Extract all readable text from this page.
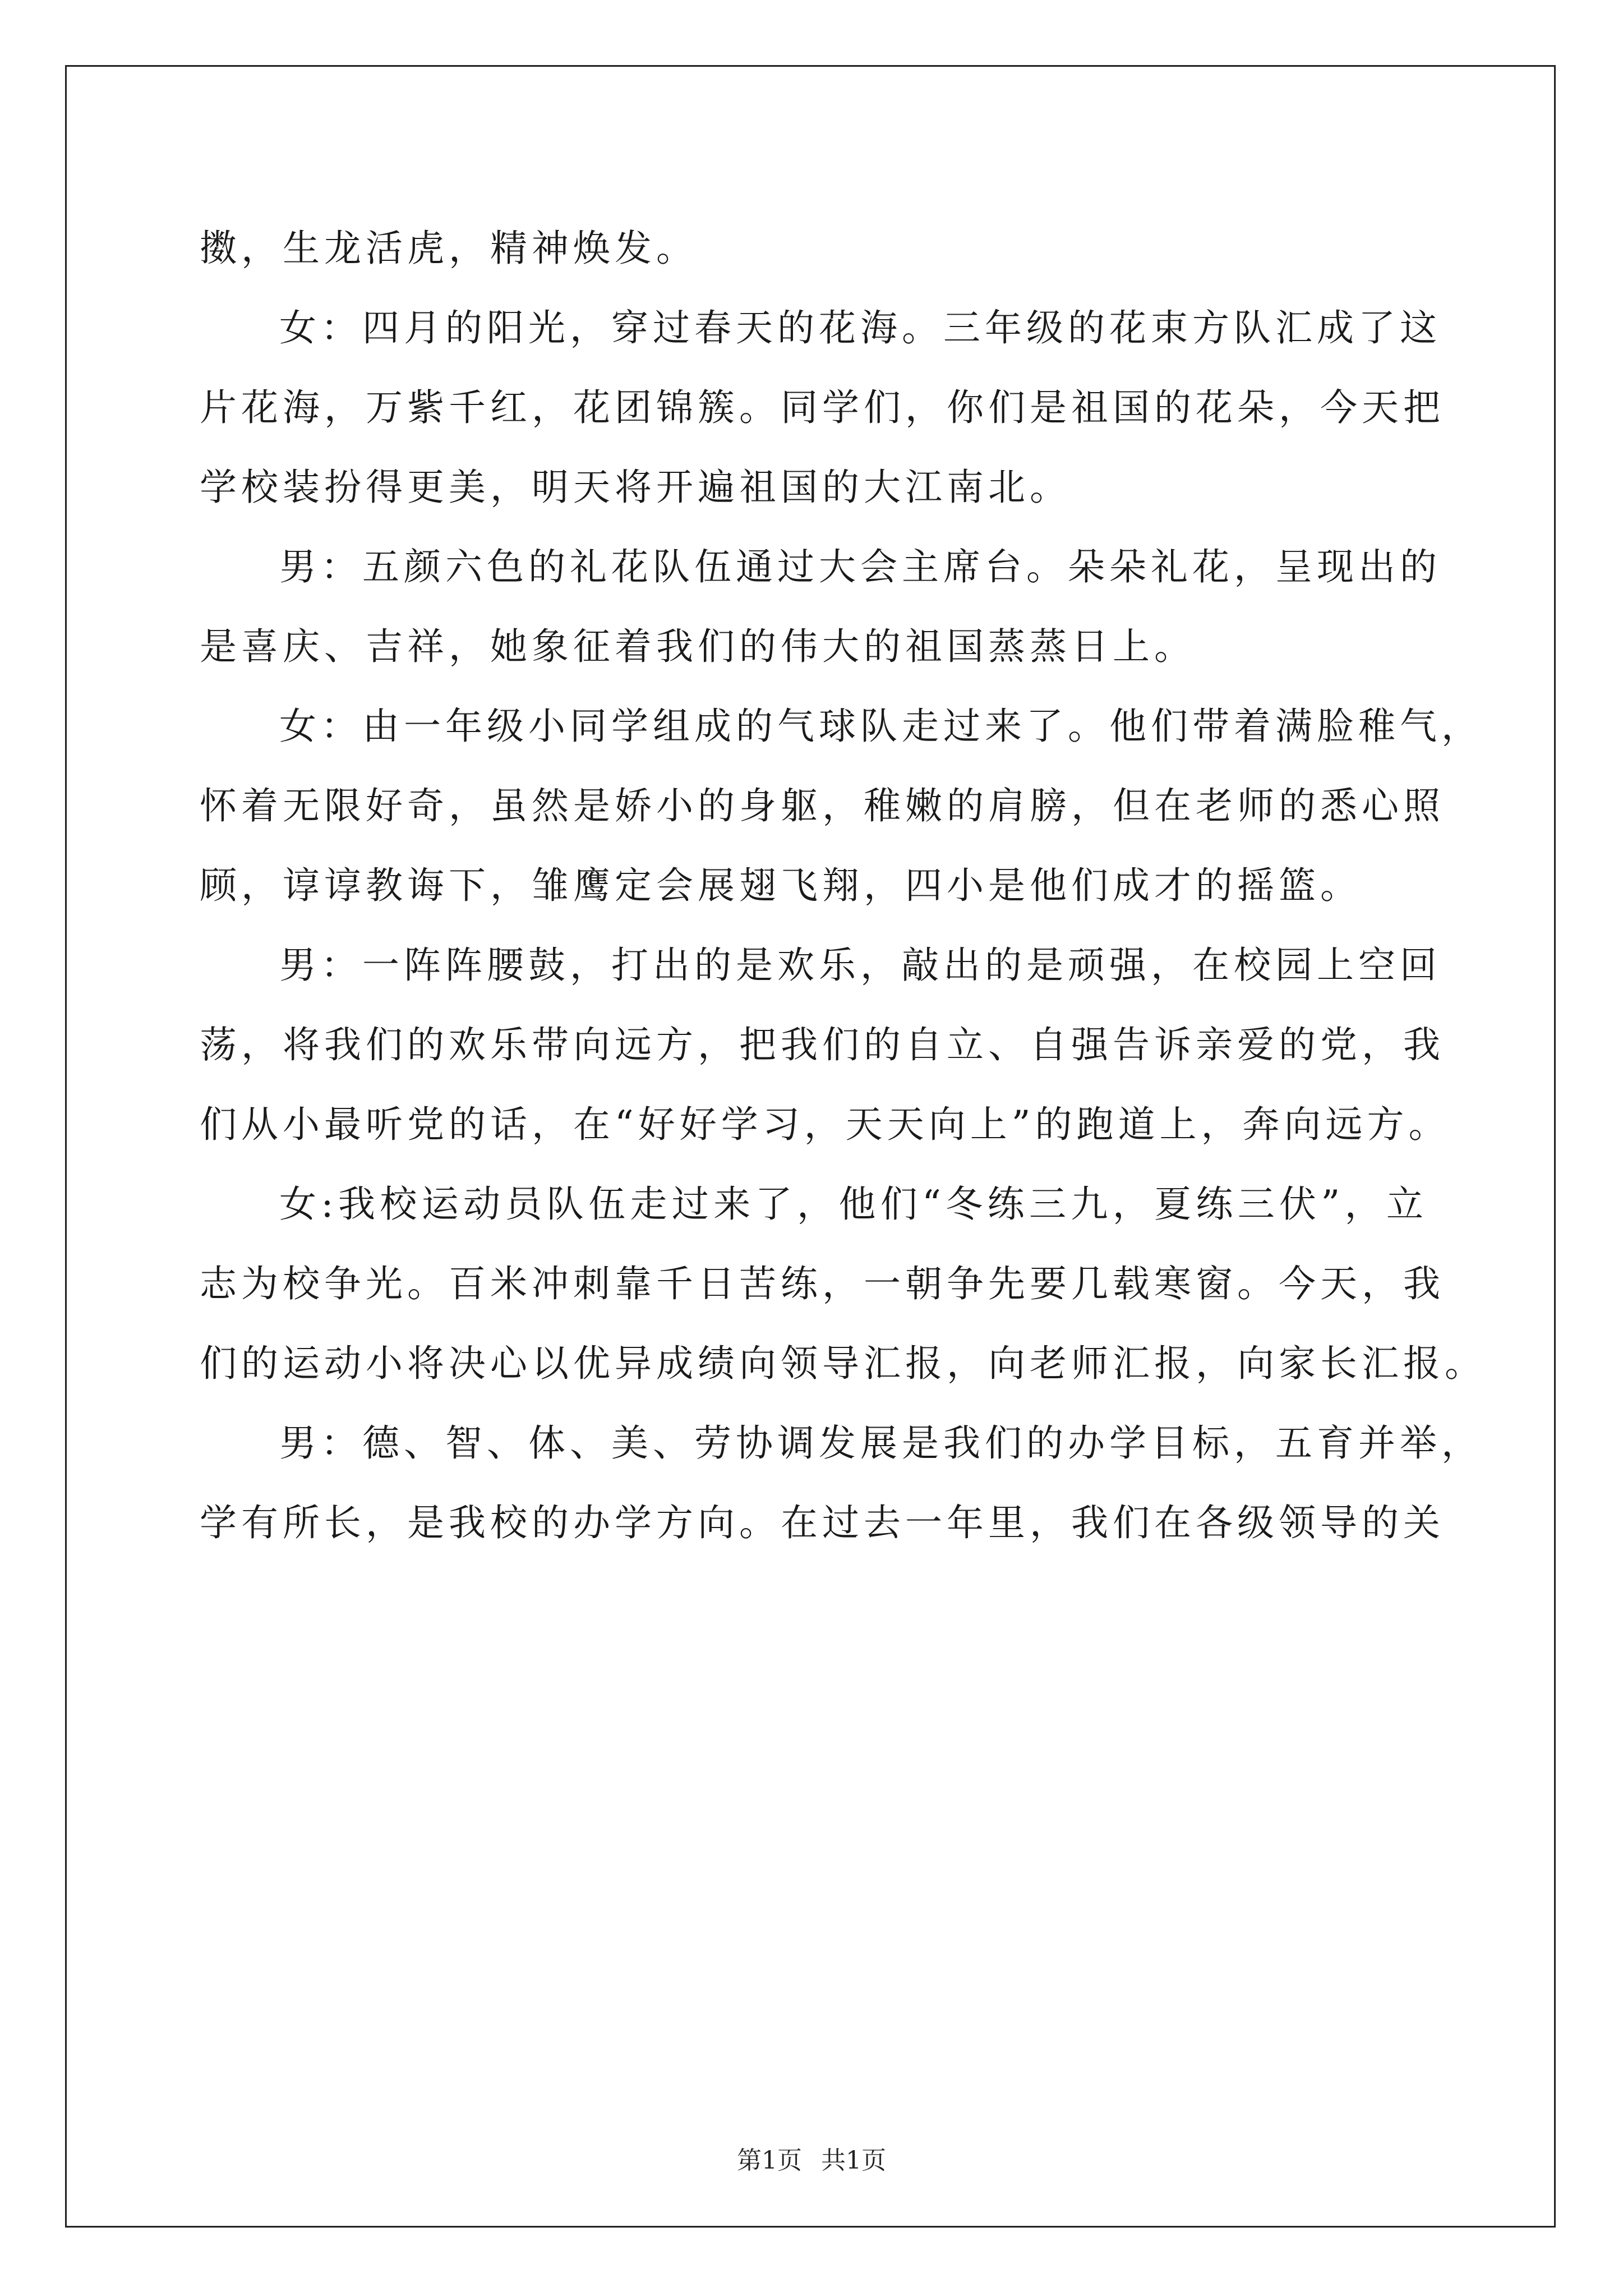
擞，生龙活虎，精神焕发。
女：四月的阳光，穿过春天的花海。三年级的花束方队汇成了这
片花海，万紫千红，花团锦簇。同学们，你们是祖国的花朵，今天把
学校装扮得更美，明天将开遍祖国的大江南北。
男：五颜六色的礼花队伍通过大会主席台。朵朵礼花，呈现出的
是喜庆、吉祥，她象征着我们的伟大的祖国蒸蒸日上。
女：由一年级小同学组成的气球队走过来了。他们带着满脸稚气，
怀着无限好奇，虽然是娇小的身躯，稚嫩的肩膀，但在老师的悉心照
顾，谆谆教诲下，雏鹰定会展翅飞翔，四小是他们成才的摇篮。
男：一阵阵腰鼓，打出的是欢乐，敲出的是顽强，在校园上空回
荡，将我们的欢乐带向远方，把我们的自立、自强告诉亲爱的党，我
们从小最听党的话，在“好好学习，天天向上”的跑道上，奔向远方。
女:我校运动员队伍走过来了，他们“冬练三九，夏练三伏”，立
志为校争光。百米冲刺靠千日苦练，一朝争先要几载寒窗。今天，我
们的运动小将决心以优异成绩向领导汇报，向老师汇报，向家长汇报。
男：德、智、体、美、劳协调发展是我们的办学目标，五育并举，
学有所长，是我校的办学方向。在过去一年里，我们在各级领导的关
第1页 共1页
